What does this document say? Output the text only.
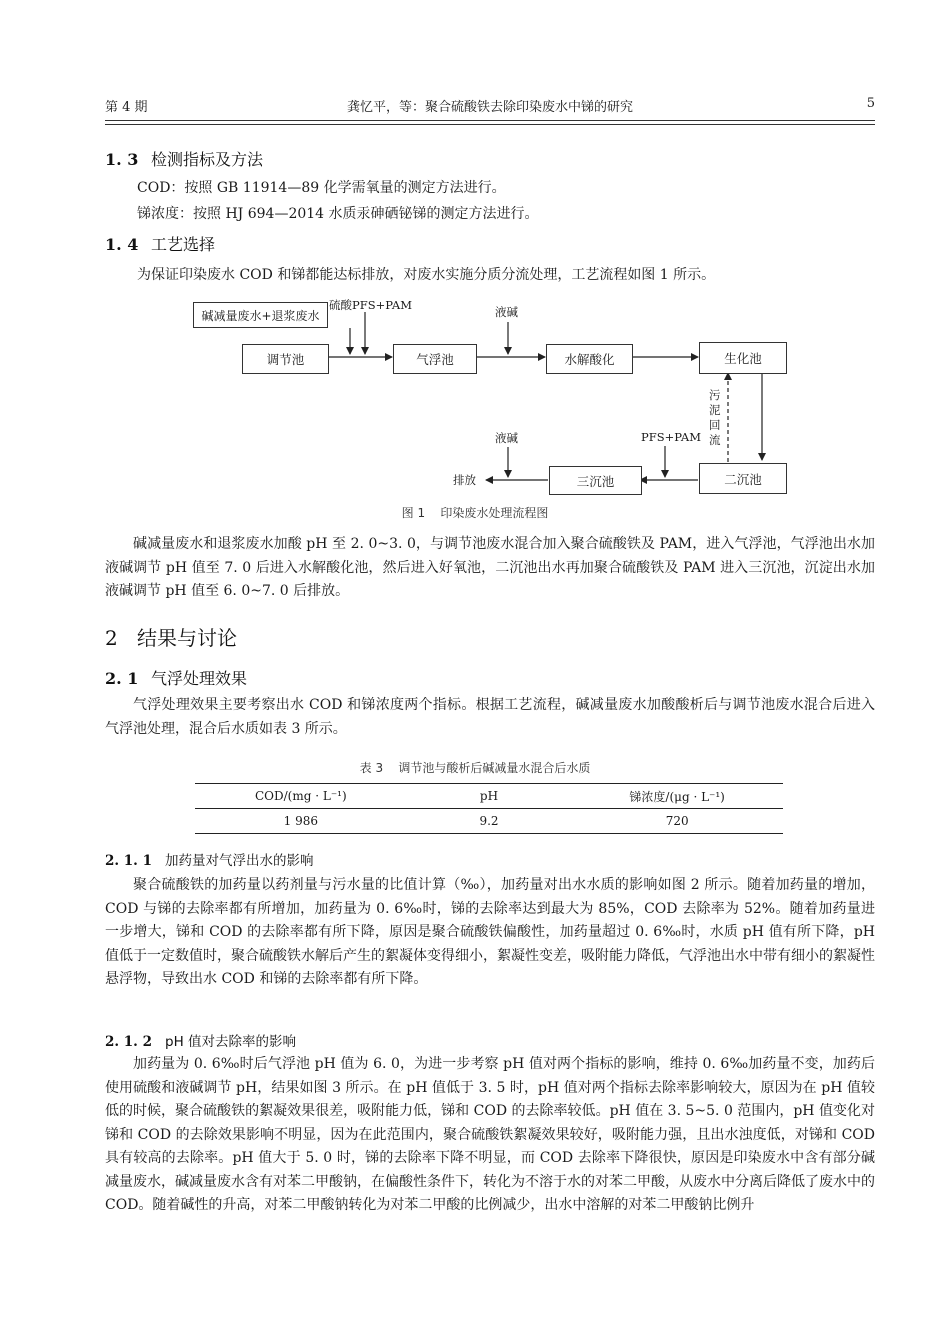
第 4 期	龚忆平，等：聚合硫酸铁去除印染废水中锑的研究	5
1. 3 检测指标及方法
COD：按照 GB 11914—89 化学需氧量的测定方法进行。
锑浓度：按照 HJ 694—2014 水质汞砷硒铋锑的测定方法进行。
1. 4 工艺选择
为保证印染废水 COD 和锑都能达标排放，对废水实施分质分流处理，工艺流程如图 1 所示。
碱减量废水+退浆废水
调节池	气浮池	水解酸化	生化池
二沉池
三沉池
硫酸PFS+PAM	液碱
液碱	PFS+PAM
污泥回流
排放
图 1    印染废水处理流程图
碱减量废水和退浆废水加酸 pH 至 2. 0~3. 0，与调节池废水混合加入聚合硫酸铁及 PAM，进入气浮池，气浮池出水加液碱调节 pH 值至 7. 0 后进入水解酸化池，然后进入好氧池，二沉池出水再加聚合硫酸铁及 PAM 进入三沉池，沉淀出水加液碱调节 pH 值至 6. 0~7. 0 后排放。
2 结果与讨论
2. 1 气浮处理效果
气浮处理效果主要考察出水 COD 和锑浓度两个指标。根据工艺流程，碱减量废水加酸酸析后与调节池废水混合后进入气浮池处理，混合后水质如表 3 所示。
表 3    调节池与酸析后碱减量水混合后水质
COD/(mg · L⁻¹)	pH	锑浓度/(μg · L⁻¹)
1 986	9.2	720
2. 1. 1 加药量对气浮出水的影响
聚合硫酸铁的加药量以药剂量与污水量的比值计算（‰），加药量对出水水质的影响如图 2 所示。随着加药量的增加，COD 与锑的去除率都有所增加，加药量为 0. 6‰时，锑的去除率达到最大为 85%，COD 去除率为 52%。随着加药量进一步增大，锑和 COD 的去除率都有所下降，原因是聚合硫酸铁偏酸性，加药量超过 0. 6‰时，水质 pH 值有所下降，pH 值低于一定数值时，聚合硫酸铁水解后产生的絮凝体变得细小，絮凝性变差，吸附能力降低，气浮池出水中带有细小的絮凝性悬浮物，导致出水 COD 和锑的去除率都有所下降。
2. 1. 2 pH 值对去除率的影响
加药量为 0. 6‰时后气浮池 pH 值为 6. 0，为进一步考察 pH 值对两个指标的影响，维持 0. 6‰加药量不变，加药后使用硫酸和液碱调节 pH，结果如图 3 所示。在 pH 值低于 3. 5 时，pH 值对两个指标去除率影响较大，原因为在 pH 值较低的时候，聚合硫酸铁的絮凝效果很差，吸附能力低，锑和 COD 的去除率较低。pH 值在 3. 5~5. 0 范围内，pH 值变化对锑和 COD 的去除效果影响不明显，因为在此范围内，聚合硫酸铁絮凝效果较好，吸附能力强，且出水浊度低，对锑和 COD 具有较高的去除率。pH 值大于 5. 0 时，锑的去除率下降不明显，而 COD 去除率下降很快，原因是印染废水中含有部分碱减量废水，碱减量废水含有对苯二甲酸钠，在偏酸性条件下，转化为不溶于水的对苯二甲酸，从废水中分离后降低了废水中的 COD。随着碱性的升高，对苯二甲酸钠转化为对苯二甲酸的比例减少，出水中溶解的对苯二甲酸钠比例升
